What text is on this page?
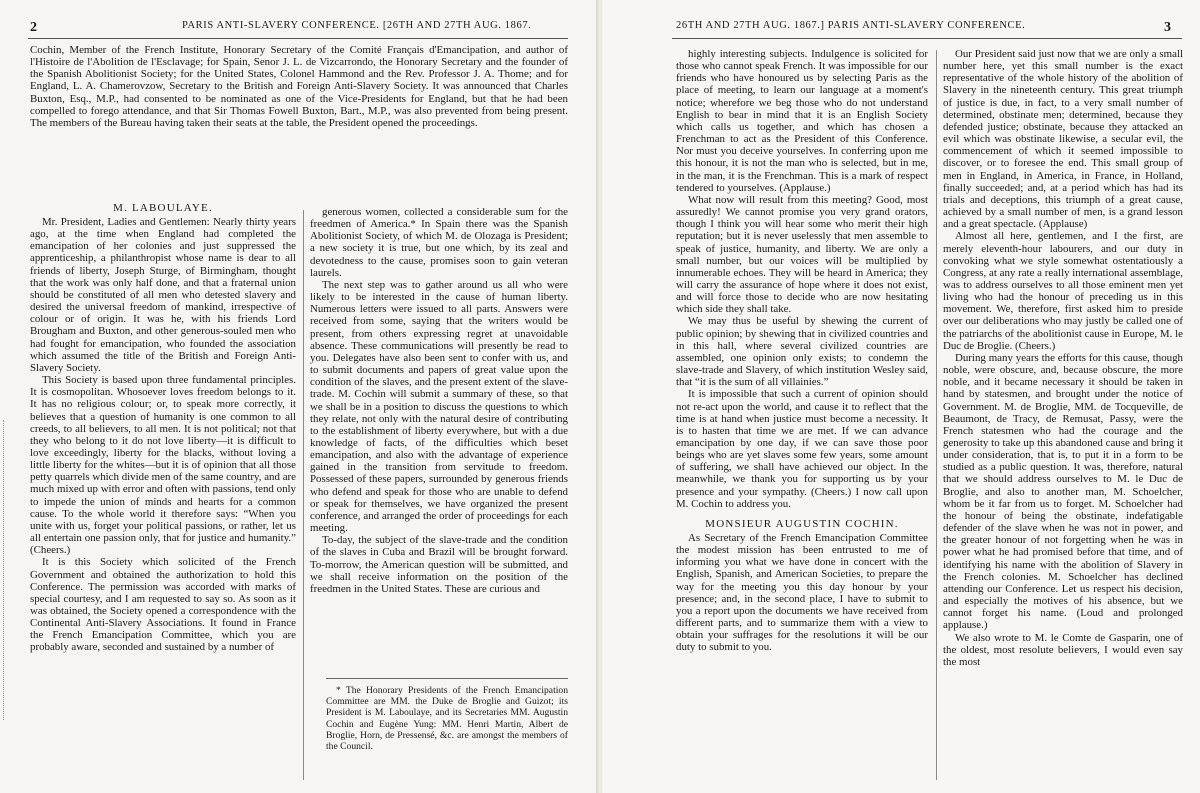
2	PARIS ANTI-SLAVERY CONFERENCE. [26TH AND 27TH AUG. 1867.

Cochin, Member of the French Institute, Honorary Secretary of the Comité Français d'Emancipation, and author of l'Histoire de l'Abolition de l'Esclavage; for Spain, Senor J. L. de Vizcarrondo, the Honorary Secretary and the founder of the Spanish Abolitionist Society; for the United States, Colonel Hammond and the Rev. Professor J. A. Thome; and for England, L. A. Chamerovzow, Secretary to the British and Foreign Anti-Slavery Society. It was announced that Charles Buxton, Esq., M.P., had consented to be nominated as one of the Vice-Presidents for England, but that he had been compelled to forego attendance, and that Sir Thomas Fowell Buxton, Bart., M.P., was also prevented from being present. The members of the Bureau having taken their seats at the table, the President opened the proceedings.

M. LABOULAYE.

Mr. President, Ladies and Gentlemen: Nearly thirty years ago, at the time when England had completed the emancipation of her colonies and just suppressed the apprenticeship, a philanthropist whose name is dear to all friends of liberty, Joseph Sturge, of Birmingham, thought that the work was only half done, and that a fraternal union should be constituted of all men who detested slavery and desired the universal freedom of mankind, irrespective of colour or of origin. It was he, with his friends Lord Brougham and Buxton, and other generous-souled men who had fought for emancipation, who founded the association which assumed the title of the British and Foreign Anti-Slavery Society.

This Society is based upon three fundamental principles. It is cosmopolitan. Whosoever loves freedom belongs to it. It has no religious colour; or, to speak more correctly, it believes that a question of humanity is one common to all creeds, to all believers, to all men. It is not political; not that they who belong to it do not love liberty—it is difficult to love exceedingly, liberty for the blacks, without loving a little liberty for the whites—but it is of opinion that all those petty quarrels which divide men of the same country, and are much mixed up with error and often with passions, tend only to impede the union of minds and hearts for a common cause. To the whole world it therefore says: “When you unite with us, forget your political passions, or rather, let us all entertain one passion only, that for justice and humanity.” (Cheers.)

It is this Society which solicited of the French Government and obtained the authorization to hold this Conference. The permission was accorded with marks of special courtesy, and I am requested to say so. As soon as it was obtained, the Society opened a correspondence with the Continental Anti-Slavery Associations. It found in France the French Emancipation Committee, which you are probably aware, seconded and sustained by a number of

generous women, collected a considerable sum for the freedmen of America.* In Spain there was the Spanish Abolitionist Society, of which M. de Olozaga is President; a new society it is true, but one which, by its zeal and devotedness to the cause, promises soon to gain veteran laurels.

The next step was to gather around us all who were likely to be interested in the cause of human liberty. Numerous letters were issued to all parts. Answers were received from some, saying that the writers would be present, from others expressing regret at unavoidable absence. These communications will presently be read to you. Delegates have also been sent to confer with us, and to submit documents and papers of great value upon the condition of the slaves, and the present extent of the slave-trade. M. Cochin will submit a summary of these, so that we shall be in a position to discuss the questions to which they relate, not only with the natural desire of contributing to the establishment of liberty everywhere, but with a due knowledge of facts, of the difficulties which beset emancipation, and also with the advantage of experience gained in the transition from servitude to freedom. Possessed of these papers, surrounded by generous friends who defend and speak for those who are unable to defend or speak for themselves, we have organized the present conference, and arranged the order of proceedings for each meeting.

To-day, the subject of the slave-trade and the condition of the slaves in Cuba and Brazil will be brought forward. To-morrow, the American question will be submitted, and we shall receive information on the position of the freedmen in the United States. These are curious and

* The Honorary Presidents of the French Emancipation Committee are MM. the Duke de Broglie and Guizot; its President is M. Laboulaye, and its Secretaries MM. Augustin Cochin and Eugène Yung: MM. Henri Martin, Albert de Broglie, Horn, de Pressensé, &c. are amongst the members of the Council.

26TH AND 27TH AUG. 1867.] PARIS ANTI-SLAVERY CONFERENCE.	3

highly interesting subjects. Indulgence is solicited for those who cannot speak French. It was impossible for our friends who have honoured us by selecting Paris as the place of meeting, to learn our language at a moment's notice; wherefore we beg those who do not understand English to bear in mind that it is an English Society which calls us together, and which has chosen a Frenchman to act as the President of this Conference. Nor must you deceive yourselves. In conferring upon me this honour, it is not the man who is selected, but in me, in the man, it is the Frenchman. This is a mark of respect tendered to yourselves. (Applause.)

What now will result from this meeting? Good, most assuredly! We cannot promise you very grand orators, though I think you will hear some who merit their high reputation; but it is never uselessly that men assemble to speak of justice, humanity, and liberty. We are only a small number, but our voices will be multiplied by innumerable echoes. They will be heard in America; they will carry the assurance of hope where it does not exist, and will force those to decide who are now hesitating which side they shall take.

We may thus be useful by shewing the current of public opinion; by shewing that in civilized countries and in this hall, where several civilized countries are assembled, one opinion only exists; to condemn the slave-trade and Slavery, of which institution Wesley said, that “it is the sum of all villainies.”

It is impossible that such a current of opinion should not re-act upon the world, and cause it to reflect that the time is at hand when justice must become a necessity. It is to hasten that time we are met. If we can advance emancipation by one day, if we can save those poor beings who are yet slaves some few years, some amount of suffering, we shall have achieved our object. In the meanwhile, we thank you for supporting us by your presence and your sympathy. (Cheers.) I now call upon M. Cochin to address you.

MONSIEUR AUGUSTIN COCHIN.

As Secretary of the French Emancipation Committee the modest mission has been entrusted to me of informing you what we have done in concert with the English, Spanish, and American Societies, to prepare the way for the meeting you this day honour by your presence; and, in the second place, I have to submit to you a report upon the documents we have received from different parts, and to summarize them with a view to obtain your suffrages for the resolutions it will be our duty to submit to you.

Our President said just now that we are only a small number here, yet this small number is the exact representative of the whole history of the abolition of Slavery in the nineteenth century. This great triumph of justice is due, in fact, to a very small number of determined, obstinate men; determined, because they defended justice; obstinate, because they attacked an evil which was obstinate likewise, a secular evil, the commencement of which it seemed impossible to discover, or to foresee the end. This small group of men in England, in America, in France, in Holland, finally succeeded; and, at a period which has had its trials and deceptions, this triumph of a great cause, achieved by a small number of men, is a grand lesson and a great spectacle. (Applause)

Almost all here, gentlemen, and I the first, are merely eleventh-hour labourers, and our duty in convoking what we style somewhat ostentatiously a Congress, at any rate a really international assemblage, was to address ourselves to all those eminent men yet living who had the honour of preceding us in this movement. We, therefore, first asked him to preside over our deliberations who may justly be called one of the patriarchs of the abolitionist cause in Europe, M. le Duc de Broglie. (Cheers.)

During many years the efforts for this cause, though noble, were obscure, and, because obscure, the more noble, and it became necessary it should be taken in hand by statesmen, and brought under the notice of Government. M. de Broglie, MM. de Tocqueville, de Beaumont, de Tracy, de Remusat, Passy, were the French statesmen who had the courage and the generosity to take up this abandoned cause and bring it under consideration, that is, to put it in a form to be studied as a public question. It was, therefore, natural that we should address ourselves to M. le Duc de Broglie, and also to another man, M. Schoelcher, whom be it far from us to forget. M. Schoelcher had the honour of being the obstinate, indefatigable defender of the slave when he was not in power, and the greater honour of not forgetting when he was in power what he had promised before that time, and of identifying his name with the abolition of Slavery in the French colonies. M. Schoelcher has declined attending our Conference. Let us respect his decision, and especially the motives of his absence, but we cannot forget his name. (Loud and prolonged applause.)

We also wrote to M. le Comte de Gasparin, one of the oldest, most resolute believers, I would even say the most
